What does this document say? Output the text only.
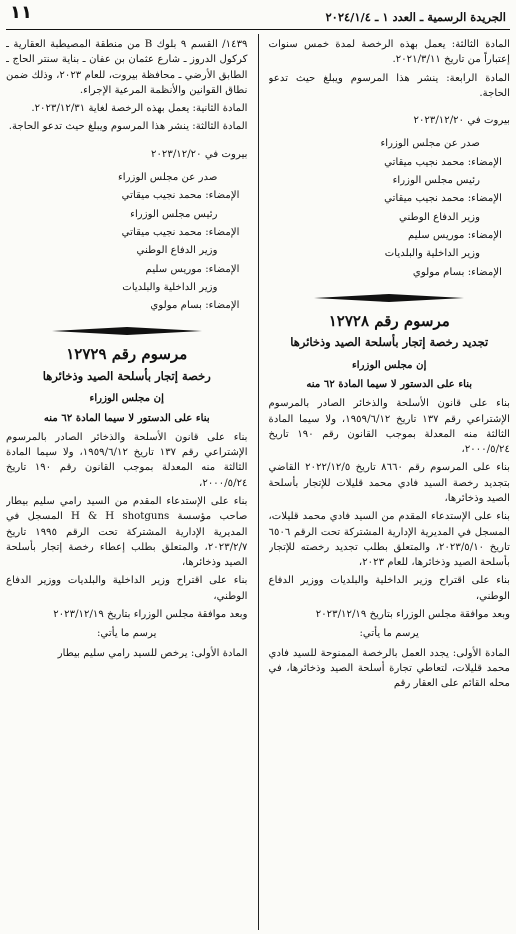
الجريدة الرسمية ـ العدد ١ ـ ٢٠٢٤/١/٤
١١

المادة الثالثة: يعمل بهذه الرخصة لمدة خمس سنوات إعتباراً من تاريخ ٢٠٢١/٣/١١.

المادة الرابعة: ينشر هذا المرسوم ويبلغ حيث تدعو الحاجة.

بيروت في ٢٠٢٣/١٢/٢٠
صدر عن مجلس الوزراء
الإمضاء: محمد نجيب ميقاتي
رئيس مجلس الوزراء
الإمضاء: محمد نجيب ميقاتي
وزير الدفاع الوطني
الإمضاء: موريس سليم
وزير الداخلية والبلديات
الإمضاء: بسام مولوي
مرسوم رقم ١٢٧٢٨
تجديد رخصة إتجار بأسلحة الصيد وذخائرها
إن مجلس الوزراء
بناء على الدستور لا سيما المادة ٦٢ منه

بناء على قانون الأسلحة والذخائر الصادر بالمرسوم الإشتراعي رقم ١٣٧ تاريخ ١٩٥٩/٦/١٢، ولا سيما المادة الثالثة منه المعدلة بموجب القانون رقم ١٩٠ تاريخ ٢٠٠٠/٥/٢٤،

بناء على المرسوم رقم ٨٦٦٠ تاريخ ٢٠٢٢/١٢/٥ القاضي بتجديد رخصة السيد فادي محمد قليلات للإتجار بأسلحة الصيد وذخائرها،

بناء على الإستدعاء المقدم من السيد فادي محمد قليلات، المسجل في المديرية الإدارية المشتركة تحت الرقم ٦٥٠٦ تاريخ ٢٠٢٣/٥/١٠، والمتعلق بطلب تجديد رخصته للإتجار بأسلحة الصيد وذخائرها، للعام ٢٠٢٣،

بناء على اقتراح وزير الداخلية والبلديات ووزير الدفاع الوطني،

وبعد موافقة مجلس الوزراء بتاريخ ٢٠٢٣/١٢/١٩

يرسم ما يأتي:

المادة الأولى: يجدد العمل بالرخصة الممنوحة للسيد فادي محمد قليلات، لتعاطي تجارة أسلحة الصيد وذخائرها، في محله القائم على العقار رقم

١٤٣٩/ القسم ٩ بلوك B من منطقة المصيطبة العقارية ـ كركول الدروز ـ شارع عثمان بن عفان ـ بناية سنتر الحاج ـ الطابق الأرضي ـ محافظة بيروت، للعام ٢٠٢٣، وذلك ضمن نطاق القوانين والأنظمة المرعية الإجراء.

المادة الثانية: يعمل بهذه الرخصة لغاية ٢٠٢٣/١٢/٣١.

المادة الثالثة: ينشر هذا المرسوم ويبلغ حيث تدعو الحاجة.

بيروت في ٢٠٢٣/١٢/٢٠
صدر عن مجلس الوزراء
الإمضاء: محمد نجيب ميقاتي
رئيس مجلس الوزراء
الإمضاء: محمد نجيب ميقاتي
وزير الدفاع الوطني
الإمضاء: موريس سليم
وزير الداخلية والبلديات
الإمضاء: بسام مولوي
مرسوم رقم ١٢٧٢٩
رخصة إتجار بأسلحة الصيد وذخائرها
إن مجلس الوزراء
بناء على الدستور لا سيما المادة ٦٢ منه

بناء على قانون الأسلحة والذخائر الصادر بالمرسوم الإشتراعي رقم ١٣٧ تاريخ ١٩٥٩/٦/١٢، ولا سيما المادة الثالثة منه المعدلة بموجب القانون رقم ١٩٠ تاريخ ٢٠٠٠/٥/٢٤،

بناء على الإستدعاء المقدم من السيد رامي سليم بيطار صاحب مؤسسة H & H shotguns المسجل في المديرية الإدارية المشتركة تحت الرقم ١٩٩٥ تاريخ ٢٠٢٣/٢/٧، والمتعلق بطلب إعطاء رخصة إتجار بأسلحة الصيد وذخائرها،

بناء على اقتراح وزير الداخلية والبلديات ووزير الدفاع الوطني،

وبعد موافقة مجلس الوزراء بتاريخ ٢٠٢٣/١٢/١٩

يرسم ما يأتي:

المادة الأولى: يرخص للسيد رامي سليم بيطار
